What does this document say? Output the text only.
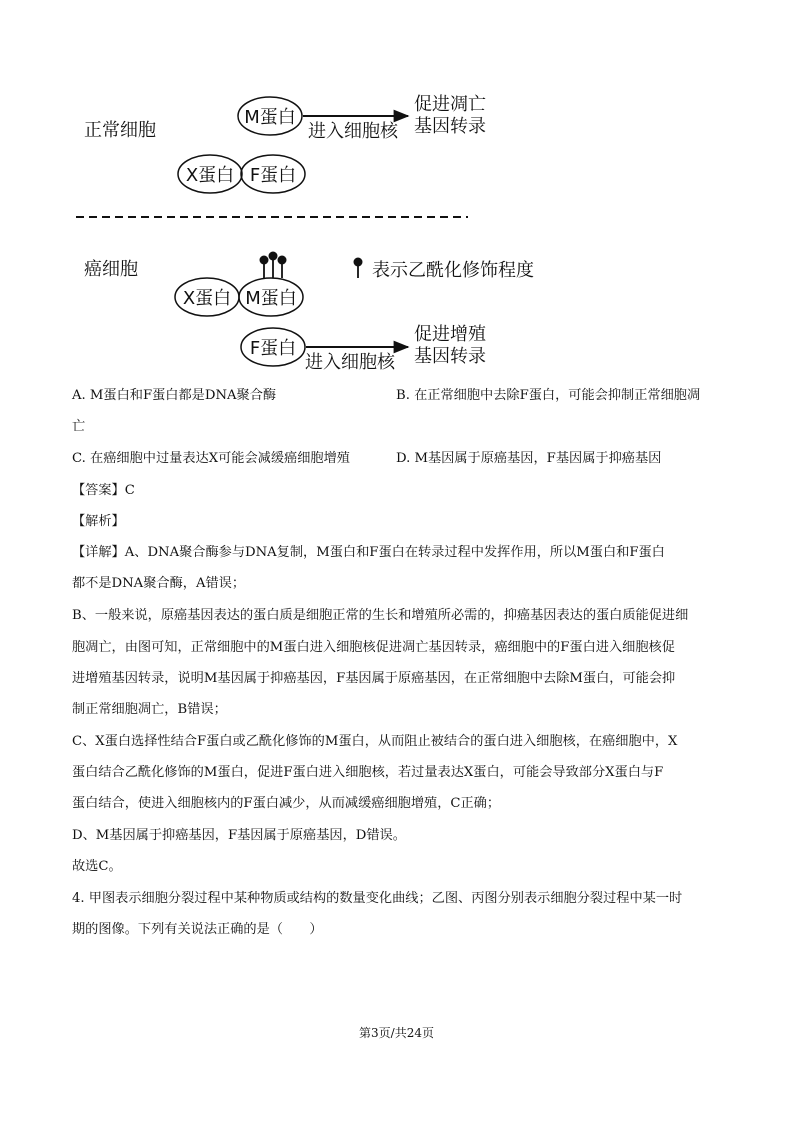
正常细胞
M蛋白
进入细胞核
促进凋亡
基因转录
X蛋白 F蛋白
癌细胞
X蛋白 M蛋白
表示乙酰化修饰程度
F蛋白
进入细胞核
促进增殖
基因转录
A. M蛋白和F蛋白都是DNA聚合酶	B. 在正常细胞中去除F蛋白，可能会抑制正常细胞凋
亡
C. 在癌细胞中过量表达X可能会减缓癌细胞增殖	D. M基因属于原癌基因，F基因属于抑癌基因
【答案】C
【解析】
【详解】A、DNA聚合酶参与DNA复制，M蛋白和F蛋白在转录过程中发挥作用，所以M蛋白和F蛋白
都不是DNA聚合酶，A错误；
B、一般来说，原癌基因表达的蛋白质是细胞正常的生长和增殖所必需的，抑癌基因表达的蛋白质能促进细
胞凋亡，由图可知，正常细胞中的M蛋白进入细胞核促进凋亡基因转录，癌细胞中的F蛋白进入细胞核促
进增殖基因转录，说明M基因属于抑癌基因，F基因属于原癌基因，在正常细胞中去除M蛋白，可能会抑
制正常细胞凋亡，B错误；
C、X蛋白选择性结合F蛋白或乙酰化修饰的M蛋白，从而阻止被结合的蛋白进入细胞核，在癌细胞中，X
蛋白结合乙酰化修饰的M蛋白，促进F蛋白进入细胞核，若过量表达X蛋白，可能会导致部分X蛋白与F
蛋白结合，使进入细胞核内的F蛋白减少，从而减缓癌细胞增殖，C正确；
D、M基因属于抑癌基因，F基因属于原癌基因，D错误。
故选C。
4. 甲图表示细胞分裂过程中某种物质或结构的数量变化曲线；乙图、丙图分别表示细胞分裂过程中某一时
期的图像。下列有关说法正确的是（　　）
第3页/共24页
